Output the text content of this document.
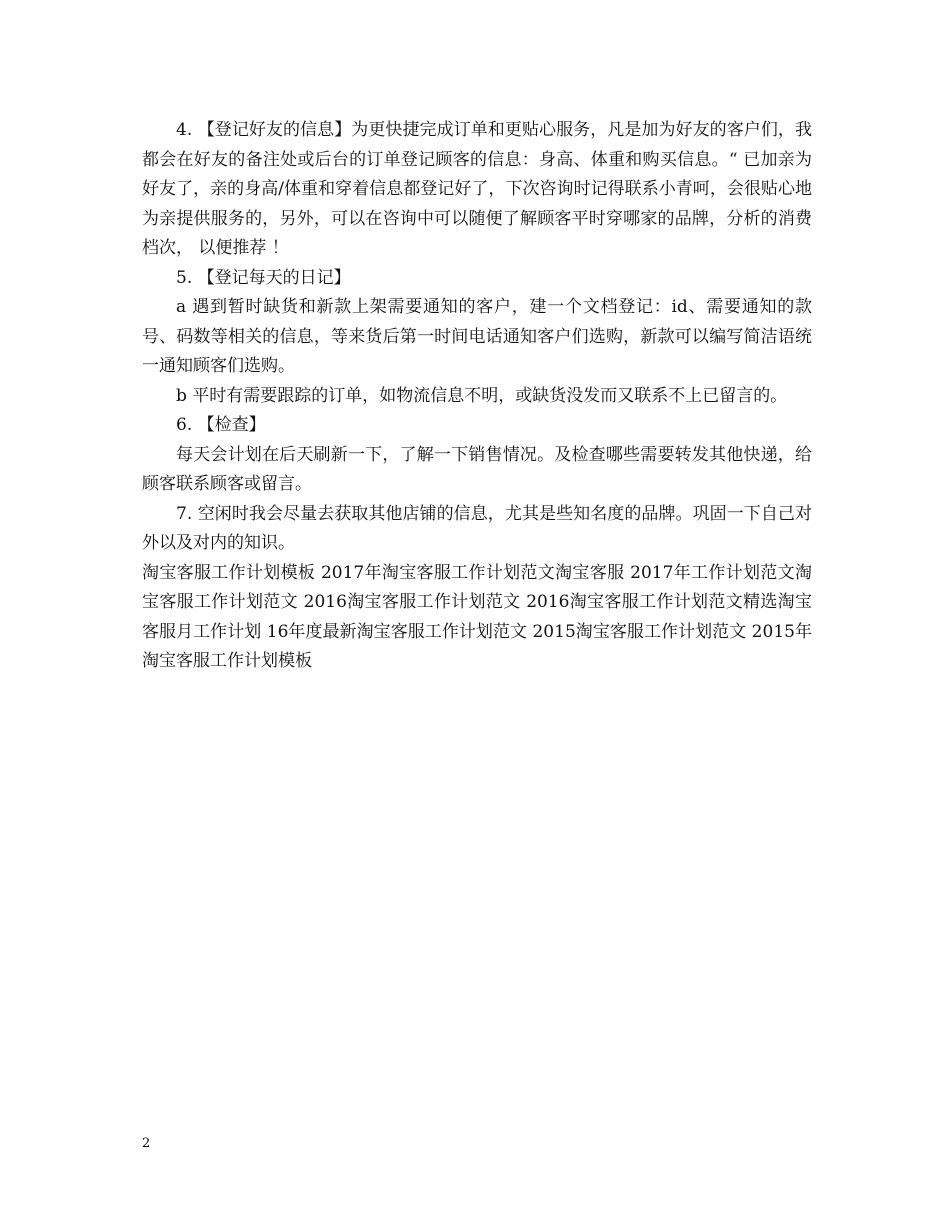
4. 【登记好友的信息】为更快捷完成订单和更贴心服务，凡是加为好友的客户们，我都会在好友的备注处或后台的订单登记顾客的信息：身高、体重和购买信息。“ 已加亲为好友了，亲的身高/体重和穿着信息都登记好了，下次咨询时记得联系小青呵，会很贴心地为亲提供服务的，另外，可以在咨询中可以随便了解顾客平时穿哪家的品牌，分析的消费档次， 以便推荐 ！

5. 【登记每天的日记】

a 遇到暂时缺货和新款上架需要通知的客户，建一个文档登记：id、需要通知的款号、码数等相关的信息，等来货后第一时间电话通知客户们选购，新款可以编写简洁语统一通知顾客们选购。

b 平时有需要跟踪的订单，如物流信息不明，或缺货没发而又联系不上已留言的。

6. 【检查】

每天会计划在后天刷新一下，了解一下销售情况。及检查哪些需要转发其他快递，给顾客联系顾客或留言。

7. 空闲时我会尽量去获取其他店铺的信息，尤其是些知名度的品牌。巩固一下自己对外以及对内的知识。

淘宝客服工作计划模板 2017年淘宝客服工作计划范文淘宝客服 2017年工作计划范文淘宝客服工作计划范文 2016淘宝客服工作计划范文 2016淘宝客服工作计划范文精选淘宝客服月工作计划 16年度最新淘宝客服工作计划范文 2015淘宝客服工作计划范文 2015年淘宝客服工作计划模板

2
